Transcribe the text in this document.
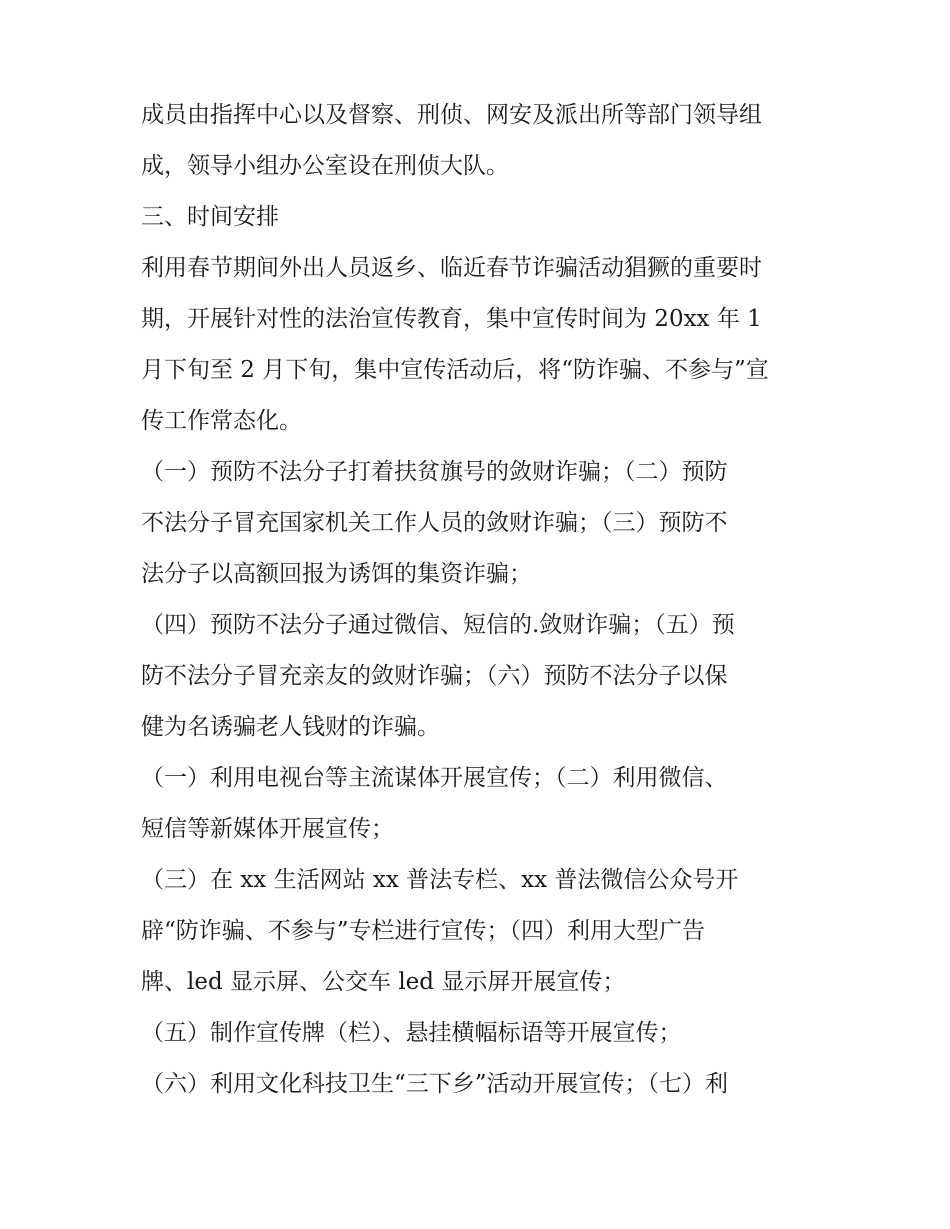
成员由指挥中心以及督察、刑侦、网安及派出所等部门领导组
成，领导小组办公室设在刑侦大队。
三、时间安排
利用春节期间外出人员返乡、临近春节诈骗活动猖獗的重要时
期，开展针对性的法治宣传教育，集中宣传时间为 20xx 年 1
月下旬至 2 月下旬，集中宣传活动后，将“防诈骗、不参与”宣
传工作常态化。
（一）预防不法分子打着扶贫旗号的敛财诈骗；（二）预防
不法分子冒充国家机关工作人员的敛财诈骗；（三）预防不
法分子以高额回报为诱饵的集资诈骗；
（四）预防不法分子通过微信、短信的.敛财诈骗；（五）预
防不法分子冒充亲友的敛财诈骗；（六）预防不法分子以保
健为名诱骗老人钱财的诈骗。
（一）利用电视台等主流谋体开展宣传；（二）利用微信、
短信等新媒体开展宣传；
（三）在 xx 生活网站 xx 普法专栏、xx 普法微信公众号开
辟“防诈骗、不参与”专栏进行宣传；（四）利用大型广告
牌、led 显示屏、公交车 led 显示屏开展宣传；
（五）制作宣传牌（栏）、悬挂横幅标语等开展宣传；
（六）利用文化科技卫生“三下乡”活动开展宣传；（七）利
